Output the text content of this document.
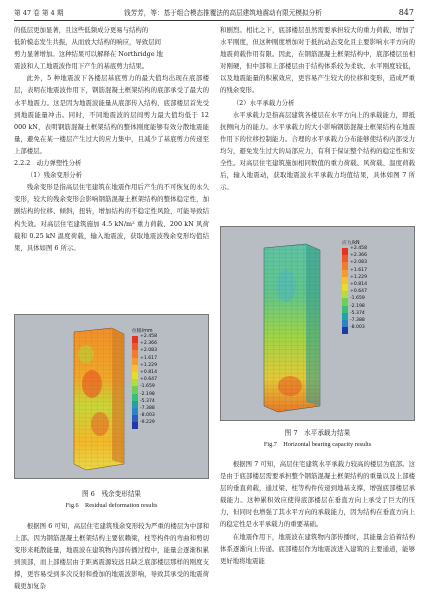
第 47 卷 第 4 期	钱芳芳，等：基于组合模态推覆法的高层建筑地震动有限元模拟分析	847

的低层更加显著，且这些低频成分更易与结构的

低阶模态发生共振，从而放大结构的响应，导致层间

剪力显著增加。这种结果可以解释在 Northridge 地

震波和人工地震波作用下产生的基底剪力结果。

此外，5 种地震波下各楼层基底剪力的最大值均出现在底部楼层，表明在地震波作用下，钢筋混凝土框架结构的底部承受了最大的水平地震力。这是因为地震波能量从底部传入结构，底部楼层首先受到地震能量冲击。同时，不同地震波的层间剪力最大值均低于 12 000 kN，表明钢筋混凝土框架结构的整体刚度能够有效分散地震能量，避免在某一楼层产生过大的应力集中，且减少了基底剪力传递至上部楼层。

2.2.2　动力弹塑性分析

（1）残余变形分析

残余变形是指高层住宅建筑在地震作用后产生的不可恢复的永久变形，较大的残余变形会影响钢筋混凝土框架结构的整体稳定性，加剧结构的位移、倾斜，扭转，增加结构的不稳定性风险，可能导致结构失效。对高层住宅建筑施加 4.5 kN/m² 重力荷载、200 kN 风荷载和 0.25 kN 温度荷载，输入地震波，获取地震波残余变形均值结果，具体如图 6 所示。

位移/mm
+2.458
+2.366
+2.083
+1.617
+1.229
+0.814
+0.647
-1.659
-2.198
-5.374
-7.388
-8.003
-9.229
图 6　残余变形结果
Fig.6　Residual deformation results

根据图 6 可知，高层住宅建筑残余变形较为严重的楼层为中部和上部。因为钢筋混凝土框架结构主要依赖梁，柱等构件的弯曲和剪切变形来耗散能量，地震波在建筑物内部传播过程中，能量会逐渐积累到顶部，而上部楼层由于距离震源较远且缺乏底部楼层那样的刚度支撑，更容易受到多次反射和叠加的地震波影响，导致其承受的地震荷载更加复杂

和剧烈。相比之下，底部楼层虽然需要承担较大的重力荷载，增加了水平刚度，但这种刚度增加对于抵抗动态变化且主要影响水平方向的地震荷载作用有限。因此，在钢筋混凝土框架结构中，底部楼层虽相对刚硬，但中部和上部楼层由于结构体系较为柔软、水平刚度较低，以及地震能量的积累效应，更容易产生较大的位移和变形，造成严重的残余变形。

（2）水平承载力分析

水平承载力是指高层建筑各楼层在水平方向上的承载能力，即抵抗侧向力的能力。水平承载力的大小影响钢筋混凝土框架结构在地震作用下的位移控制能力。合理的水平承载力分布能够使结构内部受力均匀，避免发生过大的局部应力，有利于保证整个结构的稳定性和安全性。对高层住宅建筑施加相同数值的重力荷载、风荷载、温度荷载后，输入地震动，获取地震波水平承载力均值结果，具体如图 7 所示。

应力/kN
+2.458
+2.366
+2.083
+1.617
+1.229
+0.814
+0.647
-1.659
-2.198
-5.374
-7.388
-8.003
图 7　水平承载力结果
Fig.7　Horizontal bearing capacity results

根据图 7 可知，高层住宅建筑水平承载力较高的楼层为底部。这是由于底部楼层需要承担整个钢筋混凝土框架结构的重量以及上部楼层的垂直荷载，通过梁、柱等构件传递到地基支撑，增强底部楼层承载能力。这种累积效应使得底部楼层在垂直方向上承受了巨大的压力，但同时也增强了其水平方向的承载能力，因为结构在垂直方向上的稳定性是水平承载力的重要基础。

在地震作用下，地震波在建筑物内部传播时，其能量会沿着结构体系逐渐向上传递。底部楼层作为地震波进入建筑的主要通道，能够更好地将地震能
